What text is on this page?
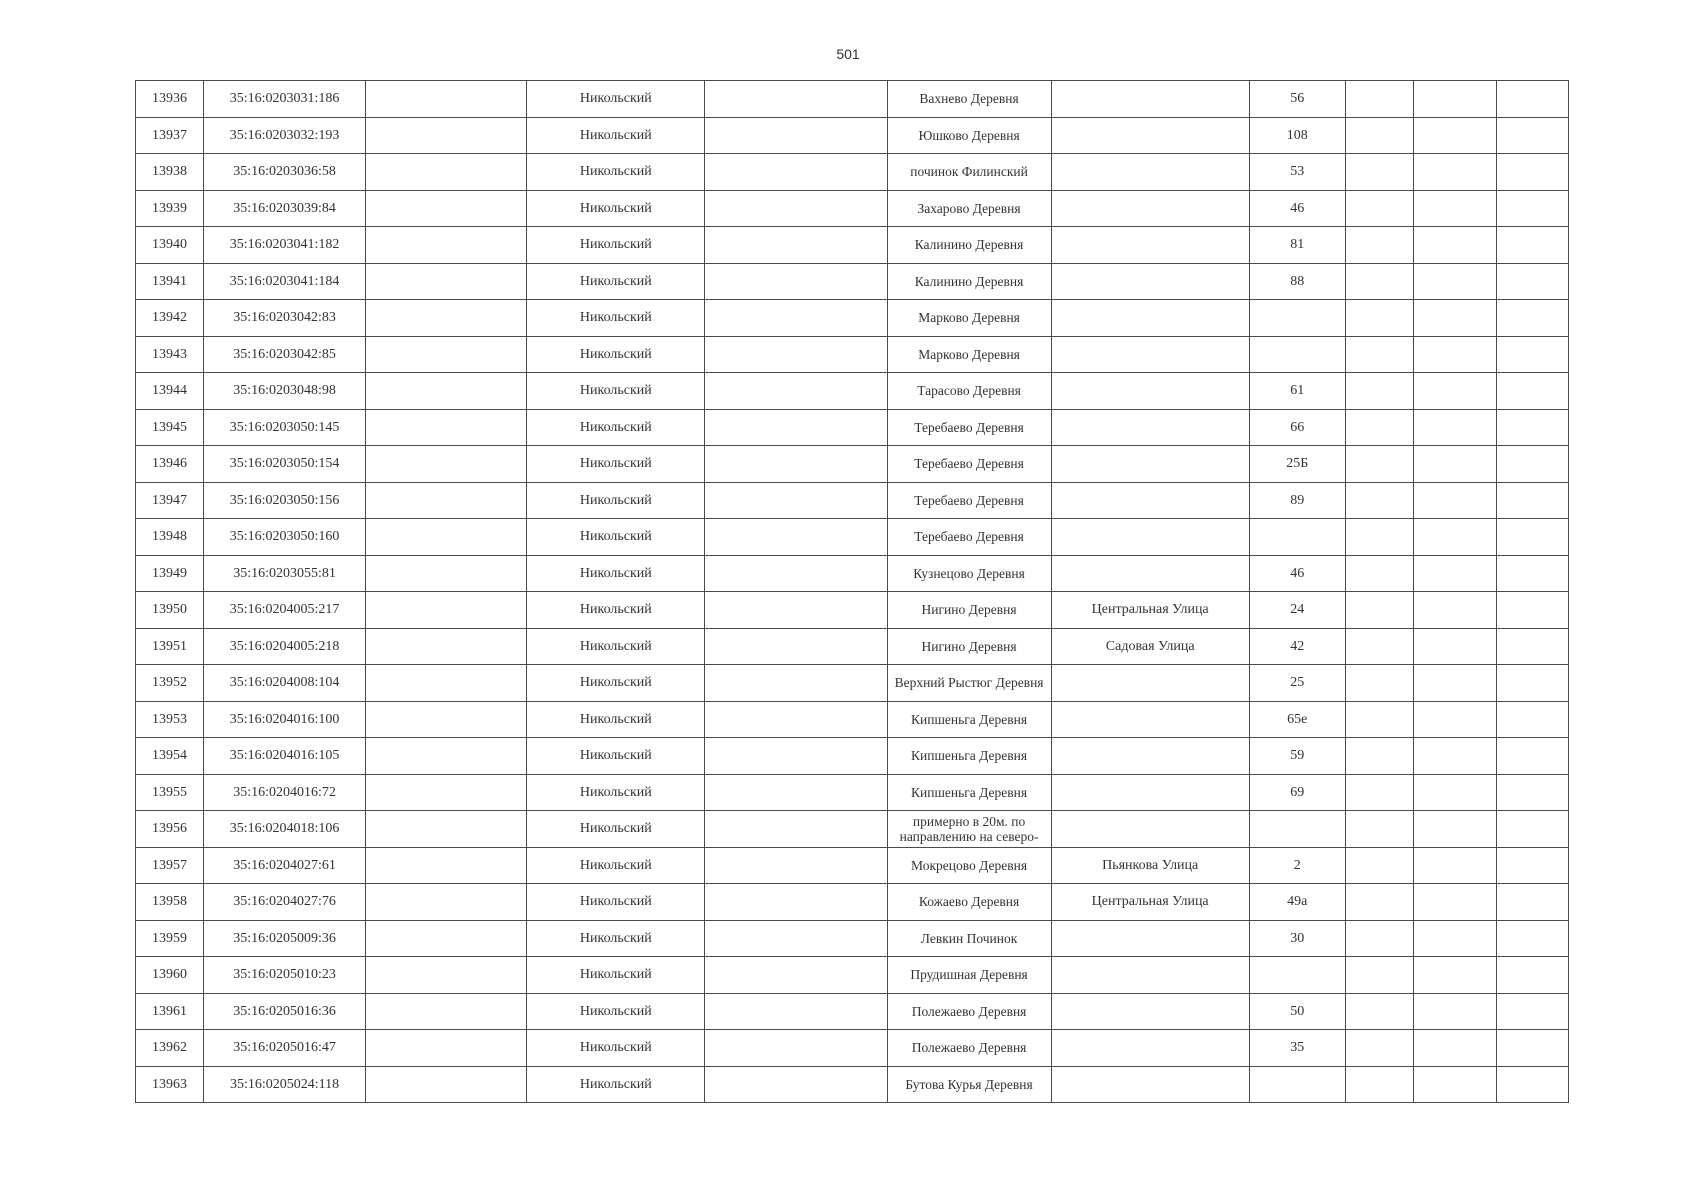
501
13936	35:16:0203031:186		Никольский		Вахнево Деревня		56			
13937	35:16:0203032:193		Никольский		Юшково Деревня		108			
13938	35:16:0203036:58		Никольский		починок Филинский		53			
13939	35:16:0203039:84		Никольский		Захарово Деревня		46			
13940	35:16:0203041:182		Никольский		Калинино Деревня		81			
13941	35:16:0203041:184		Никольский		Калинино Деревня		88			
13942	35:16:0203042:83		Никольский		Марково Деревня					
13943	35:16:0203042:85		Никольский		Марково Деревня					
13944	35:16:0203048:98		Никольский		Тарасово Деревня		61			
13945	35:16:0203050:145		Никольский		Теребаево Деревня		66			
13946	35:16:0203050:154		Никольский		Теребаево Деревня		25Б			
13947	35:16:0203050:156		Никольский		Теребаево Деревня		89			
13948	35:16:0203050:160		Никольский		Теребаево Деревня					
13949	35:16:0203055:81		Никольский		Кузнецово Деревня		46			
13950	35:16:0204005:217		Никольский		Нигино Деревня	Центральная Улица	24			
13951	35:16:0204005:218		Никольский		Нигино Деревня	Садовая Улица	42			
13952	35:16:0204008:104		Никольский		Верхний Рыстюг Деревня		25			
13953	35:16:0204016:100		Никольский		Кипшеньга Деревня		65е			
13954	35:16:0204016:105		Никольский		Кипшеньга Деревня		59			
13955	35:16:0204016:72		Никольский		Кипшеньга Деревня		69			
13956	35:16:0204018:106		Никольский		примерно в 20м. по направлению на северо-					
13957	35:16:0204027:61		Никольский		Мокрецово Деревня	Пьянкова Улица	2			
13958	35:16:0204027:76		Никольский		Кожаево Деревня	Центральная Улица	49а			
13959	35:16:0205009:36		Никольский		Левкин Починок		30			
13960	35:16:0205010:23		Никольский		Прудишная Деревня					
13961	35:16:0205016:36		Никольский		Полежаево Деревня		50			
13962	35:16:0205016:47		Никольский		Полежаево Деревня		35			
13963	35:16:0205024:118		Никольский		Бутова Курья Деревня					
